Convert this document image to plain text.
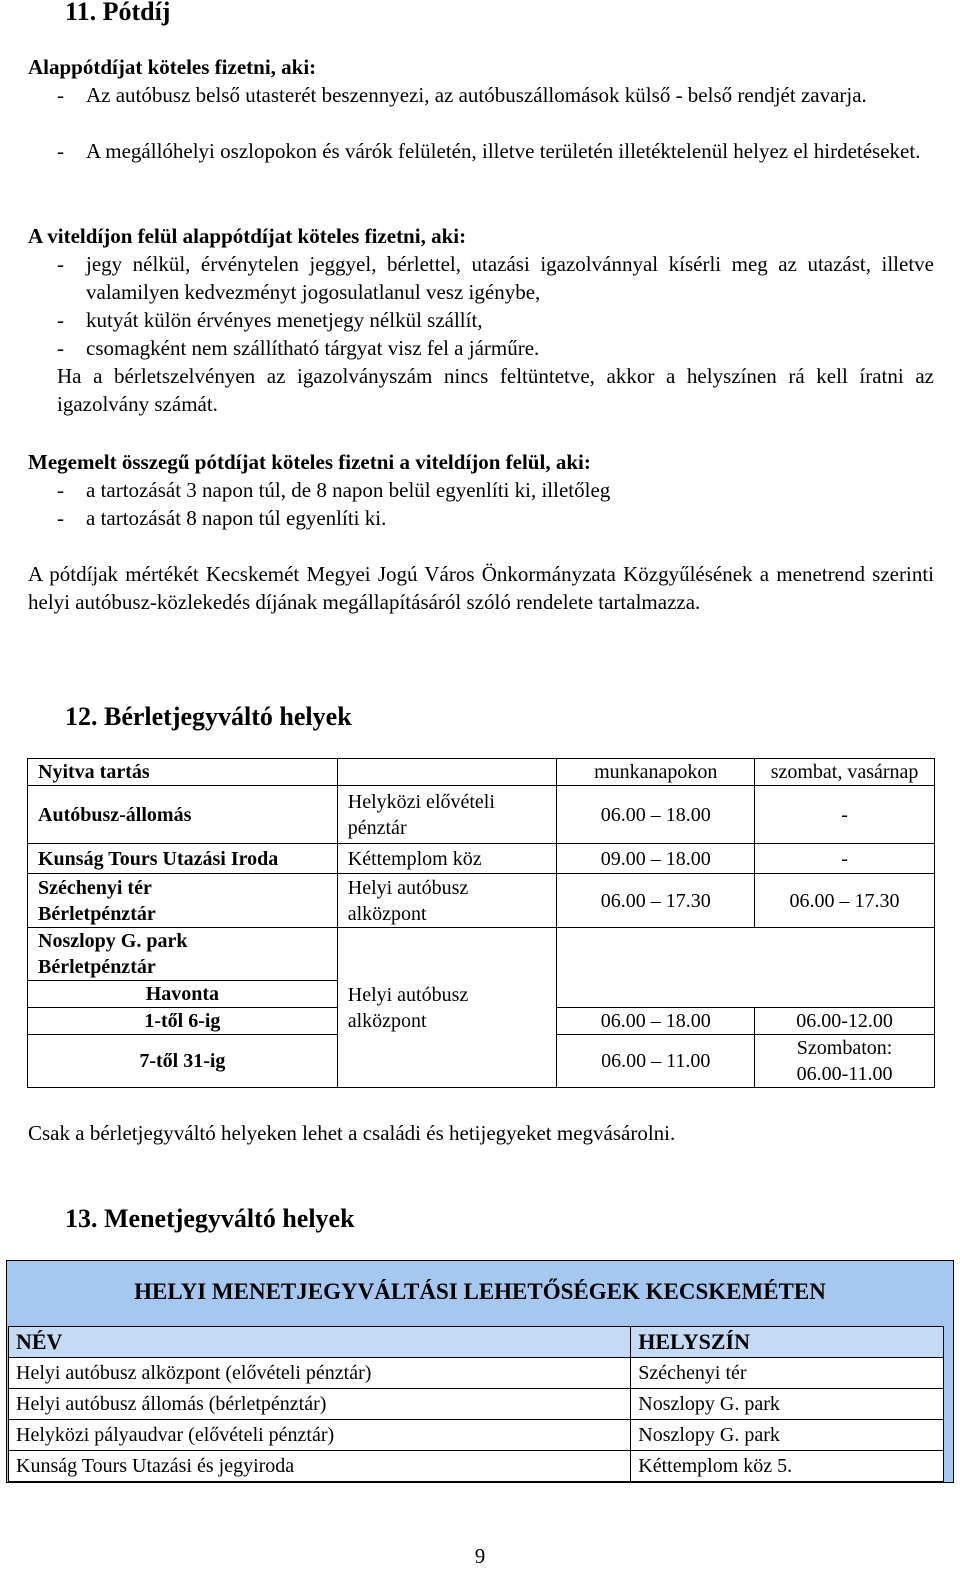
11. Pótdíj

Alappótdíjat köteles fizetni, aki:

-	Az autóbusz belső utasterét beszennyezi, az autóbuszállomások külső - belső rendjét zavarja.
-	A megállóhelyi oszlopokon és várók felületén, illetve területén illetéktelenül helyez el hirdetéseket.

A viteldíjon felül alappótdíjat köteles fizetni, aki:

-	jegy nélkül, érvénytelen jeggyel, bérlettel, utazási igazolvánnyal kísérli meg az utazást, illetve valamilyen kedvezményt jogosulatlanul vesz igénybe,
-	kutyát külön érvényes menetjegy nélkül szállít,
-	csomagként nem szállítható tárgyat visz fel a járműre.

Ha a bérletszelvényen az igazolványszám nincs feltüntetve, akkor a helyszínen rá kell íratni az igazolvány számát.

Megemelt összegű pótdíjat köteles fizetni a viteldíjon felül, aki:

-	a tartozását 3 napon túl, de 8 napon belül egyenlíti ki, illetőleg
-	a tartozását 8 napon túl egyenlíti ki.

A pótdíjak mértékét Kecskemét Megyei Jogú Város Önkormányzata Közgyűlésének a menetrend szerinti helyi autóbusz-közlekedés díjának megállapításáról szóló rendelete tartalmazza.

12. Bérletjegyváltó helyek
Nyitva tartás		munkanapokon	szombat, vasárnap
Autóbusz-állomás	Helyközi elővételi pénztár	06.00 – 18.00	-
Kunság Tours Utazási Iroda	Kéttemplom köz	09.00 – 18.00	-
Széchenyi tér Bérletpénztár	Helyi autóbusz alközpont	06.00 – 17.30	06.00 – 17.30
Noszlopy G. park Bérletpénztár	Helyi autóbusz alközpont		
Havonta			
1-től 6-ig		06.00 – 18.00	06.00-12.00
7-től 31-ig		06.00 – 11.00	Szombaton: 06.00-11.00

Csak a bérletjegyváltó helyeken lehet a családi és hetijegyeket megvásárolni.

13. Menetjegyváltó helyek
HELYI MENETJEGYVÁLTÁSI LEHETŐSÉGEK KECSKEMÉTEN
NÉV	HELYSZÍN
Helyi autóbusz alközpont (elővételi pénztár)	Széchenyi tér
Helyi autóbusz állomás (bérletpénztár)	Noszlopy G. park
Helyközi pályaudvar (elővételi pénztár)	Noszlopy G. park
Kunság Tours Utazási és jegyiroda	Kéttemplom köz 5.
9
